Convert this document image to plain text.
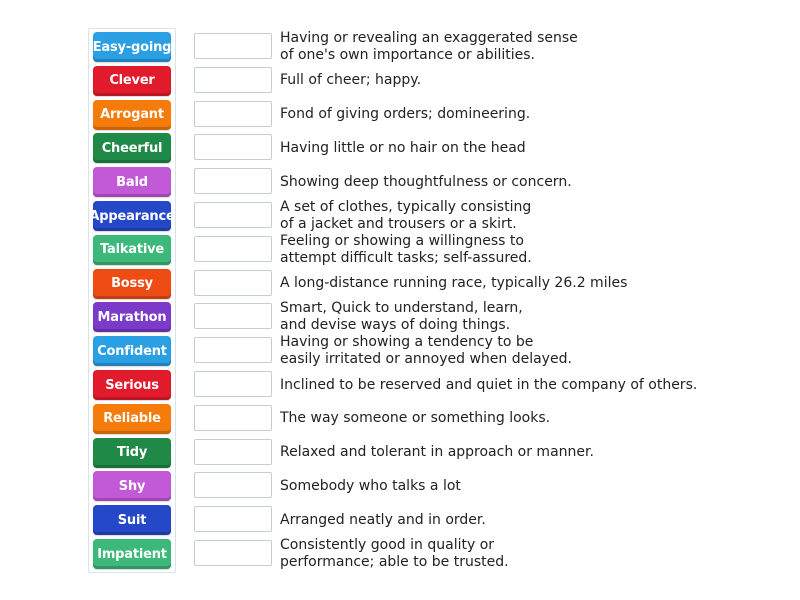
Easy-going
Clever
Arrogant
Cheerful
Bald
Appearance
Talkative
Bossy
Marathon
Confident
Serious
Reliable
Tidy
Shy
Suit
Impatient
Having or revealing an exaggerated sense
of one's own importance or abilities.
Full of cheer; happy.
Fond of giving orders; domineering.
Having little or no hair on the head
Showing deep thoughtfulness or concern.
A set of clothes, typically consisting
of a jacket and trousers or a skirt.
Feeling or showing a willingness to
attempt difficult tasks; self-assured.
A long-distance running race, typically 26.2 miles
Smart, Quick to understand, learn,
and devise ways of doing things.
Having or showing a tendency to be
easily irritated or annoyed when delayed.
Inclined to be reserved and quiet in the company of others.
The way someone or something looks.
Relaxed and tolerant in approach or manner.
Somebody who talks a lot
Arranged neatly and in order.
Consistently good in quality or
performance; able to be trusted.
